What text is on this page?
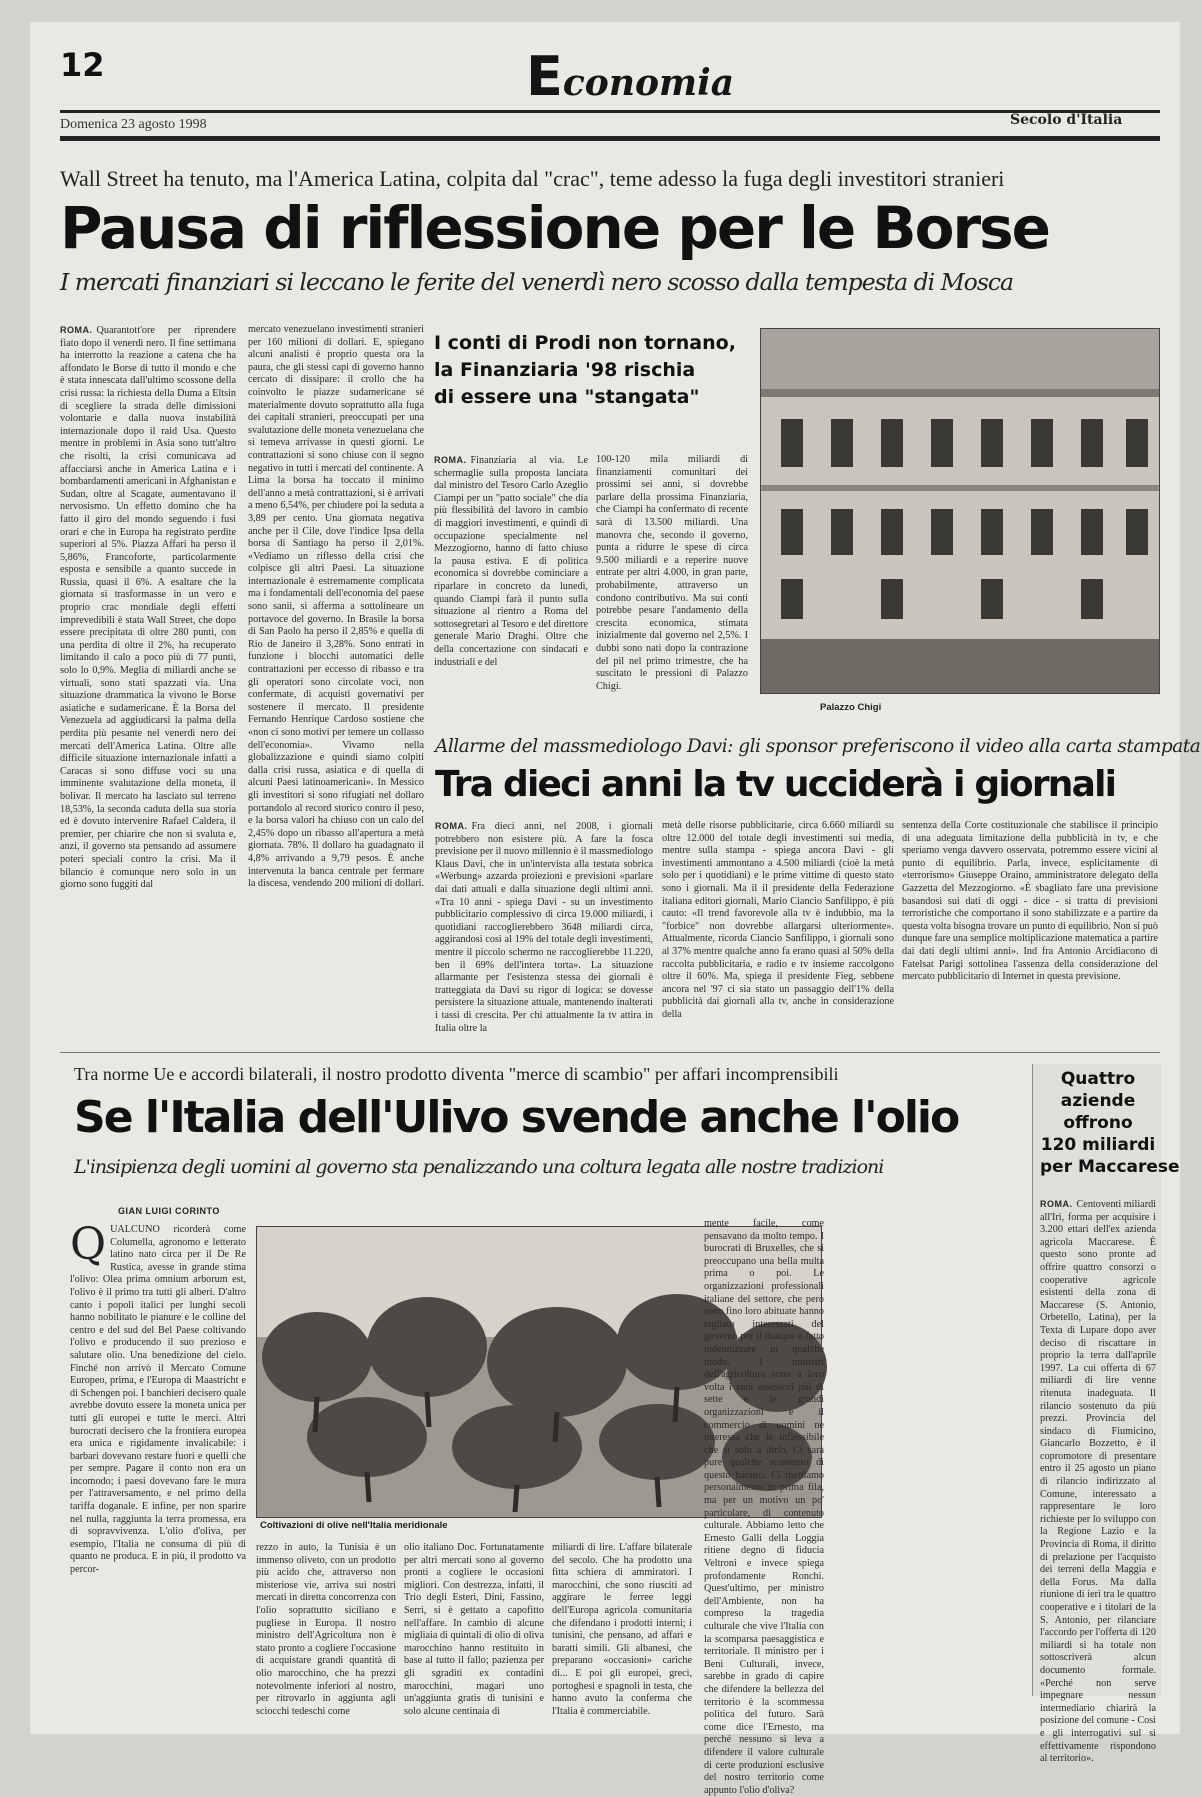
12	Economia
Domenica 23 agosto 1998	Secolo d'Italia
Wall Street ha tenuto, ma l'America Latina, colpita dal "crac", teme adesso la fuga degli investitori stranieri
Pausa di riflessione per le Borse
I mercati finanziari si leccano le ferite del venerdì nero scosso dalla tempesta di Mosca
ROMA. Quarantott'ore per riprendere fiato dopo il venerdì nero. Il fine settimana ha interrotto la reazione a catena che ha affondato le Borse di tutto il mondo e che è stata innescata dall'ultimo scossone della crisi russa: la richiesta della Duma a Eltsin di scegliere la strada delle dimissioni volontarie e dalla nuova instabilità internazionale dopo il raid Usa. Questo mentre in problemi in Asia sono tutt'altro che risolti, la crisi comunicava ad affacciarsi anche in America Latina e i bombardamenti americani in Afghanistan e Sudan, oltre al Scagate, aumentavano il nervosismo. Un effetto domino che ha fatto il giro del mondo seguendo i fusi orari e che in Europa ha registrato perdite superiori al 5%. Piazza Affari ha perso il 5,86%, Francoforte, particolarmente esposta e sensibile a quanto succede in Russia, quasi il 6%. A esaltare che la giornata si trasformasse in un vero e proprio crac mondiale degli effetti imprevedibili è stata Wall Street, che dopo essere precipitata di oltre 280 punti, con una perdita di oltre il 2%, ha recuperato limitando il calo a poco più di 77 punti, solo lo 0,9%. Meglia di miliardi anche se virtuali, sono stati spazzati via. Una situazione drammatica la vivono le Borse asiatiche e sudamericane. È la Borsa del Venezuela ad aggiudicarsi la palma della perdita più pesante nel venerdì nero dei mercati dell'America Latina. Oltre alle difficile situazione internazionale infatti a Caracas si sono diffuse voci su una imminente svalutazione della moneta, il bolivar. Il mercato ha lasciato sul terreno 18,53%, la seconda caduta della sua storia ed è dovuto intervenire Rafael Caldera, il premier, per chiarire che non si svaluta e, anzi, il governo sta pensando ad assumere poteri speciali contro la crisi. Ma il bilancio è comunque nero solo in un giorno sono fuggiti dal
mercato venezuelano investimenti stranieri per 160 milioni di dollari. E, spiegano alcuni analisti è proprio questa ora la paura, che gli stessi capi di governo hanno cercato di dissipare: il crollo che ha coinvolto le piazze sudamericane sé materialmente dovuto soprattutto alla fuga dei capitali stranieri, preoccupati per una svalutazione delle moneta venezuelana che si temeva arrivasse in questi giorni. Le contrattazioni si sono chiuse con il segno negativo in tutti i mercati del continente. A Lima la borsa ha toccato il minimo dell'anno a metà contrattazioni, si è arrivati a meno 6,54%, per chiudere poi la seduta a 3,89 per cento. Una giornata negativa anche per il Cile, dove l'indice Ipsa della borsa di Santiago ha perso il 2,01%. «Vediamo un riflesso della crisi che colpisce gli altri Paesi. La situazione internazionale è estremamente complicata ma i fondamentali dell'economia del paese sono sanii, si afferma a sottolineare un portavoce del governo. In Brasile la borsa di San Paolo ha perso il 2,85% e quella di Rio de Janeiro il 3,28%. Sono entrati in funzione i blocchi automatici delle contrattazioni per eccesso di ribasso e tra gli operatori sono circolate voci, non confermate, di acquisti governativi per sostenere il mercato. Il presidente Fernando Henrique Cardoso sostiene che «non ci sono motivi per temere un collasso dell'economia». Vivamo nella globalizzazione e quindi siamo colpiti dalla crisi russa, asiatica e di quella di alcuni Paesi latinoamericani». In Messico gli investitori si sono rifugiati nel dollaro portandolo al record storico contro il peso, e la borsa valori ha chiuso con un calo del 2,45% dopo un ribasso all'apertura a metà giornata. 78%. Il dollaro ha guadagnato il 4,8% arrivando a 9,79 pesos. È anche intervenuta la banca centrale per fermare la discesa, vendendo 200 milioni di dollari.
I conti di Prodi non tornano,
la Finanziaria '98 rischia
di essere una "stangata"
ROMA. Finanziaria al via. Le schermaglie sulla proposta lanciata dal ministro del Tesoro Carlo Azeglio Ciampi per un "patto sociale" che dia più flessibilità del lavoro in cambio di maggiori investimenti, e quindi di occupazione specialmente nel Mezzogiorno, hanno di fatto chiuso la pausa estiva. E di politica economica si dovrebbe cominciare a riparlare in concreto da lunedì, quando Ciampi farà il punto sulla situazione al rientro a Roma del sottosegretari al Tesoro e del direttore generale Mario Draghi. Oltre che della concertazione con sindacati e industriali e del
100-120 mila miliardi di finanziamenti comunitari dei prossimi sei anni, si dovrebbe parlare della prossima Finanziaria, che Ciampi ha confermato di recente sarà di 13.500 miliardi. Una manovra che, secondo il governo, punta a ridurre le spese di circa 9.500 miliardi e a reperire nuove entrate per altri 4.000, in gran parte, probabilmente, attraverso un condono contributivo. Ma sui conti potrebbe pesare l'andamento della crescita economica, stimata inizialmente dal governo nel 2,5%. I dubbi sono nati dopo la contrazione del pil nel primo trimestre, che ha suscitato le pressioni di Palazzo Chigi.
Palazzo Chigi
Allarme del massmediologo Davi: gli sponsor preferiscono il video alla carta stampata
Tra dieci anni la tv ucciderà i giornali
ROMA. Fra dieci anni, nel 2008, i giornali potrebbero non esistere più. A fare la fosca previsione per il nuovo millennio è il massmediologo Klaus Davi, che in un'intervista alla testata sobrica «Werbung» azzarda proiezioni e previsioni «parlare dai dati attuali e dalla situazione degli ultimi anni. «Tra 10 anni - spiega Davi - su un investimento pubblicitario complessivo di circa 19.000 miliardi, i quotidiani raccoglierebbero 3648 miliardi circa, aggirandosi così al 19% del totale degli investimenti, mentre il piccolo schermo ne raccoglierebbe 11.220, ben il 69% dell'intera torta». La situazione allarmante per l'esistenza stessa dei giornali è tratteggiata da Davi su rigor di logica: se dovesse persistere la situazione attuale, mantenendo inalterati i tassi di crescita. Per chi attualmente la tv attira in Italia oltre la
metà delle risorse pubblicitarie, circa 6.660 miliardi su oltre 12.000 del totale degli investimenti sui media, mentre sulla stampa - spiega ancora Davi - gli investimenti ammontano a 4.500 miliardi (cioè la metà solo per i quotidiani) e le prime vittime di questo stato sono i giornali. Ma il il presidente della Federazione italiana editori giornali, Mario Ciancio Sanfilippo, è più cauto: «Il trend favorevole alla tv è indubbio, ma la "forbice" non dovrebbe allargarsi ulteriormente». Attualmente, ricorda Ciancio Sanfilippo, i giornali sono al 37% mentre qualche anno fa erano quasi al 50% della raccolta pubblicitaria, e radio e tv insieme raccolgono oltre il 60%. Ma, spiega il presidente Fieg, sebbene ancora nel '97 ci sia stato un passaggio dell'1% della pubblicità dai giornali alla tv, anche in considerazione della
sentenza della Corte costituzionale che stabilisce il principio di una adeguata limitazione della pubblicità in tv, e che speriamo venga davvero osservata, potremmo essere vicini al punto di equilibrio. Parla, invece, esplicitamente di «terrorismo» Giuseppe Oraino, amministratore delegato della Gazzetta del Mezzogiorno. «È sbagliato fare una previsione basandosi sui dati di oggi - dice - si tratta di previsioni terroristiche che comportano il sono stabilizzate e a partire da questa volta bisogna trovare un punto di equilibrio. Non si può dunque fare una semplice moltiplicazione matematica a partire dai dati degli ultimi anni». Ind fra Antonio Arcidiacono di Fatelsat Parigi sottolinea l'assenza della considerazione del mercato pubblicitario di Internet in questa previsione.
Tra norme Ue e accordi bilaterali, il nostro prodotto diventa "merce di scambio" per affari incomprensibili
Se l'Italia dell'Ulivo svende anche l'olio
L'insipienza degli uomini al governo sta penalizzando una coltura legata alle nostre tradizioni
GIAN LUIGI CORINTO
QUALCUNO ricorderà come Columella, agronomo e letterato latino nato circa per il De Re Rustica, avesse in grande stima l'olivo: Olea prima omnium arborum est, l'olivo è il primo tra tutti gli alberi. D'altro canto i popoli italici per lunghi secoli hanno nobilitato le pianure e le colline del centro e del sud del Bel Paese coltivando l'olivo e producendo il suo prezioso e salutare olio. Una benedizione del cielo. Finché non arrivò il Mercato Comune Europeo, prima, e l'Europa di Maastricht e di Schengen poi. I banchieri decisero quale avrebbe dovuto essere la moneta unica per tutti gli europei e tutte le merci. Altri burocrati decisero che la frontiera europea era unica e rigidamente invalicabile: i barbari dovevano restare fuori e quelli che per sempre. Pagare il conto non era un incomodo; i paesi dovevano fare le mura per l'attraversamento, e nel primo della tariffa doganale. E infine, per non sparire nel nulla, raggiunta la terra promessa, era di sopravvivenza. L'olio d'oliva, per esempio, l'Italia ne consuma di più di quanto ne produca. E in più, il prodotto va percor-
Coltivazioni di olive nell'Italia meridionale
rezzo in auto, la Tunisia è un immenso oliveto, con un prodotto più acido che, attraverso non misteriose vie, arriva sui nostri mercati in diretta concorrenza con l'olio soprattutto siciliano e pugliese in Europa. Il nostro ministro dell'Agricoltura non è stato pronto a cogliere l'occasione di acquistare grandi quantità di olio marocchino, che ha prezzi notevolmente inferiori al nostro, per ritrovarlo in aggiunta agli sciocchi tedeschi come
olio italiano Doc. Fortunatamente per altri mercati sono al governo pronti a cogliere le occasioni migliori. Con destrezza, infatti, il Trio degli Esteri, Dini, Fassino, Serri, si è gettato a capofitto nell'affare. In cambio di alcune migliaia di quintali di olio di oliva marocchino hanno restituito in base al tutto il fallo; pazienza per gli sgraditi ex contadini marocchini, magari uno un'aggiunta gratis di tunisini e solo alcune centinaia di
miliardi di lire. L'affare bilaterale del secolo. Che ha prodotto una fitta schiera di ammiratori. I marocchini, che sono riusciti ad aggirare le ferree leggi dell'Europa agricola comunitaria che difendano i prodotti interni; i tunisini, che pensano, ad affari e baratti simili. Gli albanesi, che preparano «occasioni» cariche di... E poi gli europei, greci, portoghesi e spagnoli in testa, che hanno avuto la conferma che l'Italia è commerciabile.
mente facile, come pensavano da molto tempo. I burocrati di Bruxelles, che si preoccupano una bella multa prima o poi. Le organizzazioni professionali italiane del settore, che però sono fino loro abituate hanno tagliato interessati del governo per il dunque e fatto indennizzare in qualche modo. I ministri dell'agricoltura sono a loro volta i suoi assessori più di sette e le grandi organizzazioni e il commercio di uomini ne interessa che le inflessibile che si solo a dirlo. Ci sarà pure qualche scontento di questo baratto. Ci mettiamo personalmente in prima fila, ma per un motivo un po' particolare, di contenuto culturale. Abbiamo letto che Ernesto Galli della Loggia ritiene degno di fiducia Veltroni e invece spiega profondamente Ronchi. Quest'ultimo, per ministro dell'Ambiente, non ha compreso la tragedia culturale che vive l'Italia con la scomparsa paesaggistica e territoriale. Il ministro per i Beni Culturali, invece, sarebbe in grado di capire che difendere la bellezza del territorio è la scommessa politica del futuro. Sarà come dice l'Ernesto, ma perché nessuno si leva a difendere il valore culturale di certe produzioni esclusive del nostro territorio come appunto l'olio d'oliva?
Quattro
aziende
offrono
120 miliardi
per Maccarese
ROMA. Centoventi miliardi all'Iri, forma per acquisire i 3.200 ettari dell'ex azienda agricola Maccarese. È questo sono pronte ad offrire quattro consorzi o cooperative agricole esistenti della zona di Maccarese (S. Antonio, Orbetello, Latina), per la Texta di Lupare dopo aver deciso di riscattare in proprio la terra dall'aprile 1997. La cui offerta di 67 miliardi di lire venne ritenuta inadeguata. Il rilancio sostenuto da più prezzi. Provincia del sindaco di Fiumicino, Giancarlo Bozzetto, è il copromotore di presentare entro il 25 agosto un piano di rilancio indirizzato al Comune, interessato a rappresentare le loro richieste per lo sviluppo con la Regione Lazio e la Provincia di Roma, il diritto di prelazione per l'acquisto dei terreni della Maggia e della Forus. Ma dalla riunione di ieri tra le quattro cooperative e i titolari de la S. Antonio, per rilanciare l'accordo per l'offerta di 120 miliardi si ha totale non sottoscriverà alcun documento formale. «Perché non serve impegnare nessun intermediario chiarirà la posizione del comune - Così e gli interrogativi sul sì effettivamente rispondono al territorio».
